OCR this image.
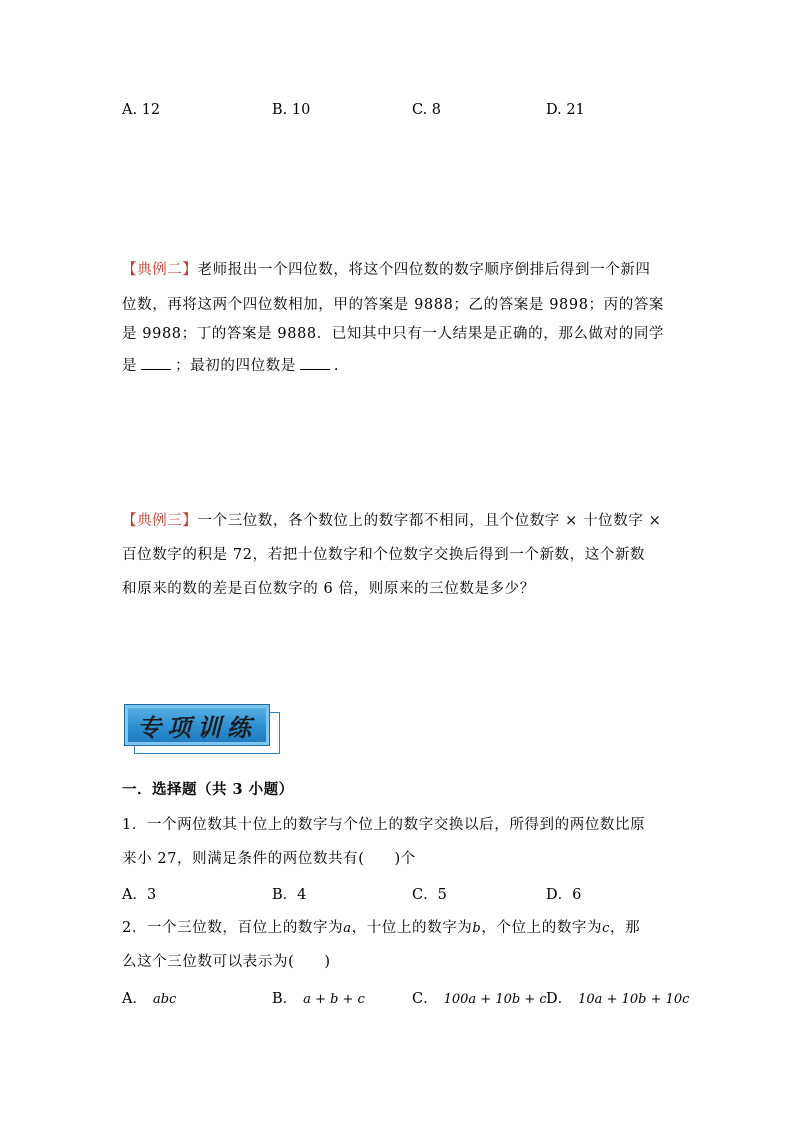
A. 12	B. 10	C. 8	D. 21
【典例二】老师报出一个四位数，将这个四位数的数字顺序倒排后得到一个新四
位数，再将这两个四位数相加，甲的答案是 9888；乙的答案是 9898；丙的答案
是 9988；丁的答案是 9888．已知其中只有一人结果是正确的，那么做对的同学
是	；最初的四位数是	.
【典例三】一个三位数，各个数位上的数字都不相同，且个位数字 × 十位数字 ×
百位数字的积是 72，若把十位数字和个位数字交换后得到一个新数，这个新数
和原来的数的差是百位数字的 6 倍，则原来的三位数是多少？
专项训练
一．选择题（共 3 小题）
1．一个两位数其十位上的数字与个位上的数字交换以后，所得到的两位数比原
来小 27，则满足条件的两位数共有( )个
A．3	B．4	C．5	D．6
2．一个三位数，百位上的数字为a，十位上的数字为b，个位上的数字为c，那
么这个三位数可以表示为( )
A． abc	B． a + b + c	C． 100a + 10b + c D． 10a + 10b + 10c
